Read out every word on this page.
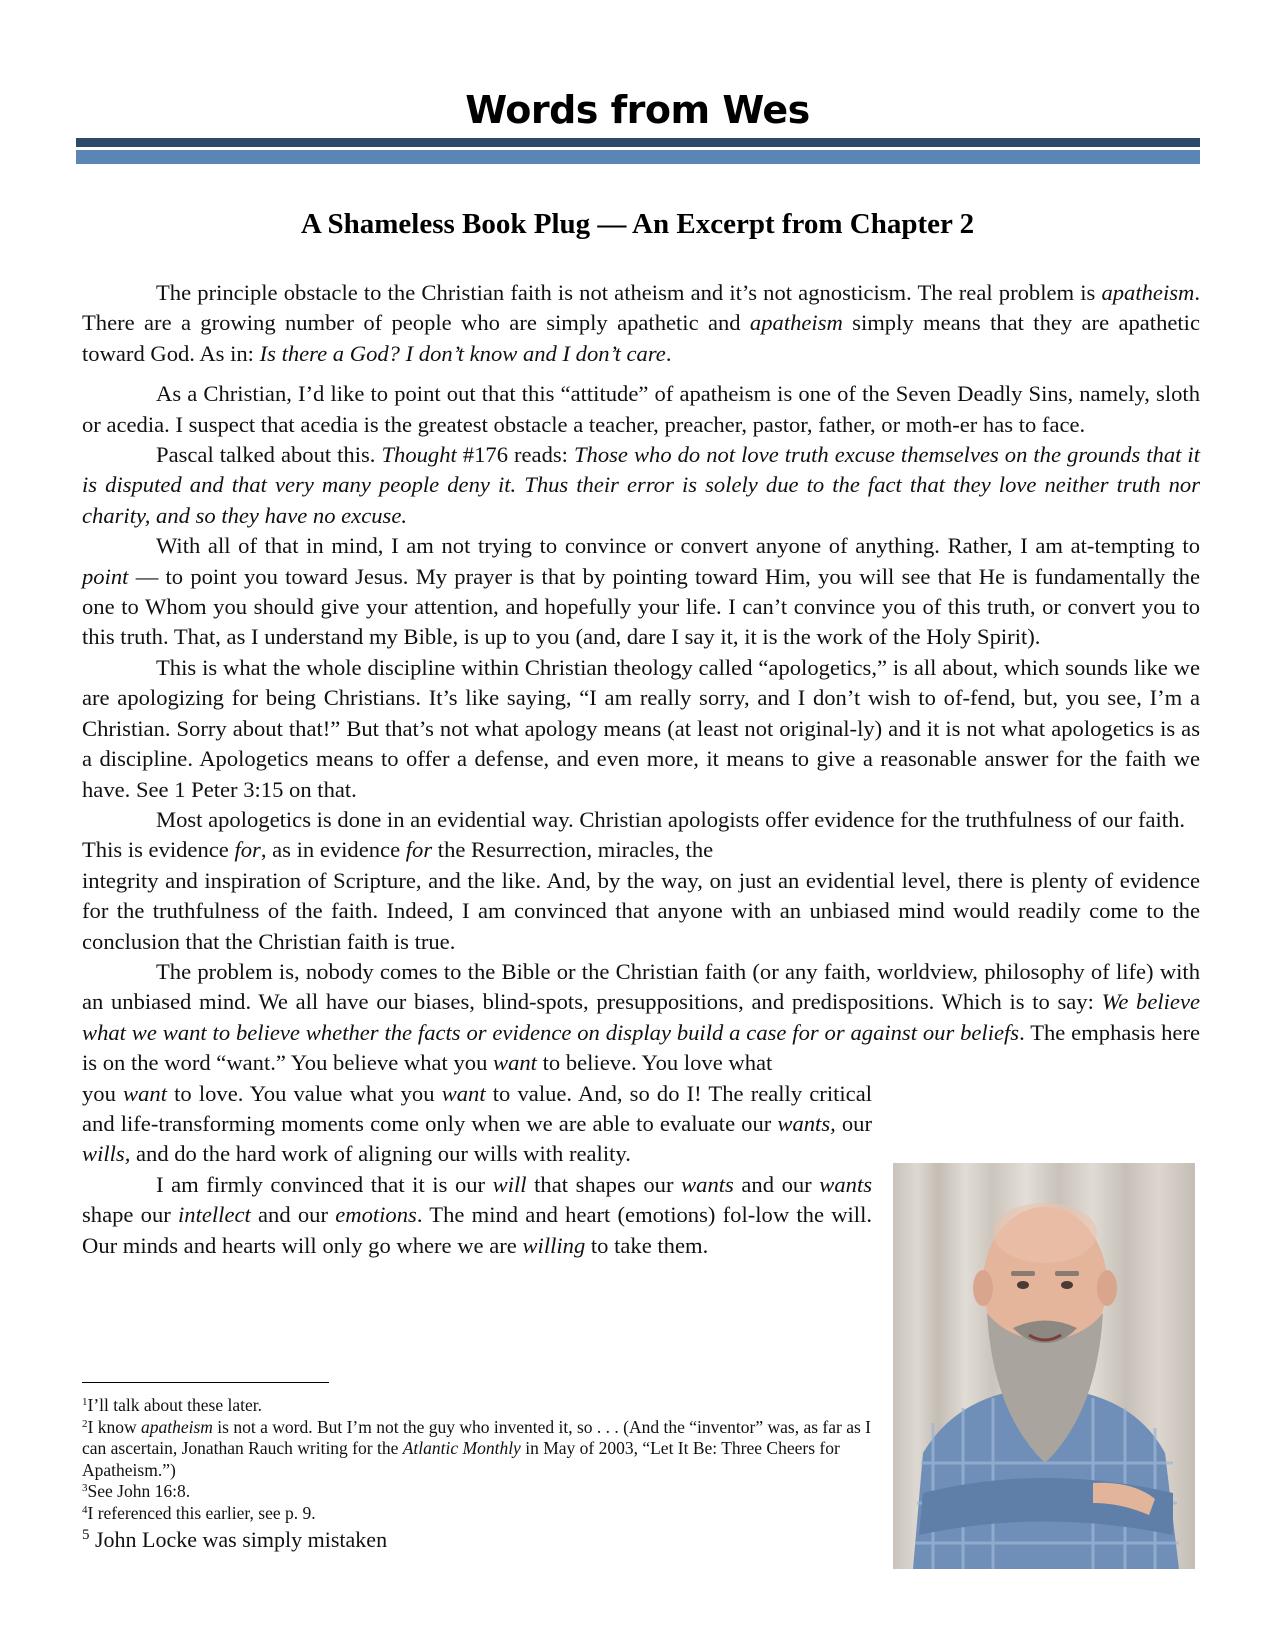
Words from Wes
A Shameless Book Plug — An Excerpt from Chapter 2

The principle obstacle to the Christian faith is not atheism and it’s not agnosticism. The real problem is apatheism. There are a growing number of people who are simply apathetic and apatheism simply means that they are apathetic toward God. As in: Is there a God? I don’t know and I don’t care.

As a Christian, I’d like to point out that this “attitude” of apatheism is one of the Seven Deadly Sins, namely, sloth or acedia. I suspect that acedia is the greatest obstacle a teacher, preacher, pastor, father, or moth-er has to face.

Pascal talked about this. Thought #176 reads: Those who do not love truth excuse themselves on the grounds that it is disputed and that very many people deny it. Thus their error is solely due to the fact that they love neither truth nor charity, and so they have no excuse.

With all of that in mind, I am not trying to convince or convert anyone of anything. Rather, I am at-tempting to point — to point you toward Jesus. My prayer is that by pointing toward Him, you will see that He is fundamentally the one to Whom you should give your attention, and hopefully your life. I can’t convince you of this truth, or convert you to this truth. That, as I understand my Bible, is up to you (and, dare I say it, it is the work of the Holy Spirit).

This is what the whole discipline within Christian theology called “apologetics,” is all about, which sounds like we are apologizing for being Christians. It’s like saying, “I am really sorry, and I don’t wish to of-fend, but, you see, I’m a Christian. Sorry about that!” But that’s not what apology means (at least not original-ly) and it is not what apologetics is as a discipline. Apologetics means to offer a defense, and even more, it means to give a reasonable answer for the faith we have. See 1 Peter 3:15 on that.

Most apologetics is done in an evidential way. Christian apologists offer evidence for the truthfulness of our faith. This is evidence for, as in evidence for the Resurrection, miracles, the

integrity and inspiration of Scripture, and the like. And, by the way, on just an evidential level, there is plenty of evidence for the truthfulness of the faith. Indeed, I am convinced that anyone with an unbiased mind would readily come to the conclusion that the Christian faith is true.

The problem is, nobody comes to the Bible or the Christian faith (or any faith, worldview, philosophy of life) with an unbiased mind. We all have our biases, blind-spots, presuppositions, and predispositions. Which is to say: We believe what we want to believe whether the facts or evidence on display build a case for or against our beliefs. The emphasis here is on the word “want.” You believe what you want to believe. You love what

you want to love. You value what you want to value. And, so do I! The really critical and life-transforming moments come only when we are able to evaluate our wants, our wills, and do the hard work of aligning our wills with reality.

I am firmly convinced that it is our will that shapes our wants and our wants shape our intellect and our emotions. The mind and heart (emotions) fol-low the will. Our minds and hearts will only go where we are willing to take them.

$^1$I’ll talk about these later.
$^2$I know apatheism is not a word. But I’m not the guy who invented it, so . . . (And the “inventor” was, as far as I can ascertain, Jonathan Rauch writing for the Atlantic Monthly in May of 2003, “Let It Be: Three Cheers for Apatheism.”)
$^3$See John 16:8.
$^4$I referenced this earlier, see p. 9.
$^5$ John Locke was simply mistaken
